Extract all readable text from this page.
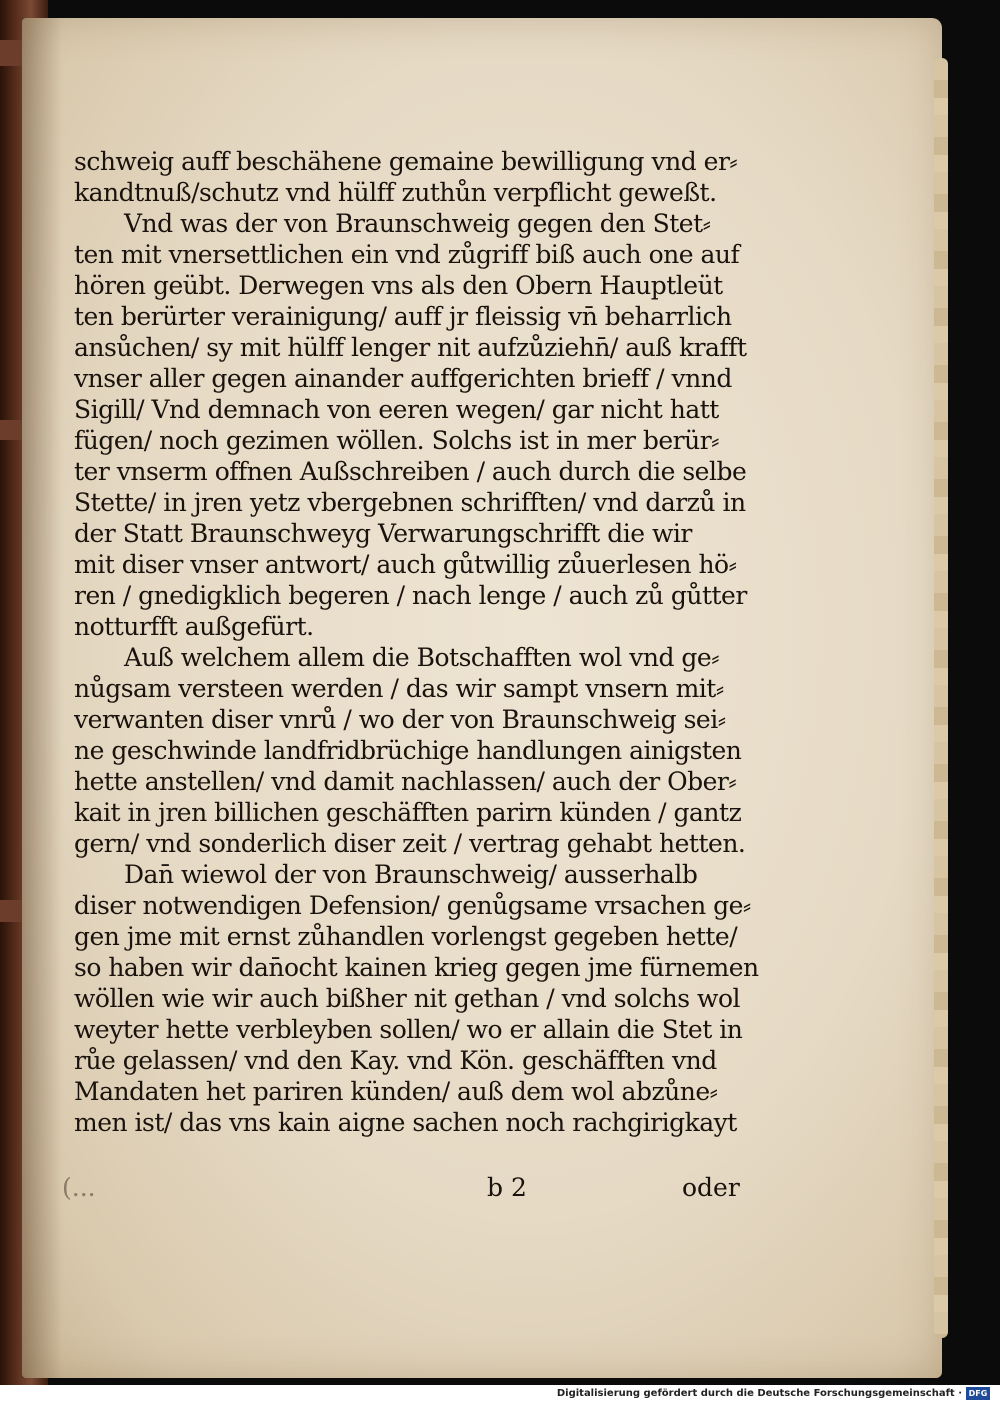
schweig auff beschähene gemaine bewilligung vnd er⸗
kandtnuß/schutz vnd hülff zuthůn verpflicht geweßt.
Vnd was der von Braunschweig gegen den Stet⸗
ten mit vnersettlichen ein vnd zůgriff biß auch one auf
hören geübt. Derwegen vns als den Obern Hauptleüt
ten berürter verainigung/ auff jr fleissig vn̄ beharrlich
ansůchen/ sy mit hülff lenger nit aufzůziehn̄/ auß krafft
vnser aller gegen ainander auffgerichten brieff / vnnd
Sigill/ Vnd demnach von eeren wegen/ gar nicht hatt
fügen/ noch gezimen wöllen. Solchs ist in mer berür⸗
ter vnserm offnen Außschreiben / auch durch die selbe
Stette/ in jren yetz vbergebnen schrifften/ vnd darzů in
der Statt Braunschweyg Verwarungschrifft die wir
mit diser vnser antwort/ auch gůtwillig zůuerlesen hö⸗
ren / gnedigklich begeren / nach lenge / auch zů gůtter
notturfft außgefürt.
Auß welchem allem die Botschafften wol vnd ge⸗
nůgsam versteen werden / das wir sampt vnsern mit⸗
verwanten diser vnrů / wo der von Braunschweig sei⸗
ne geschwinde landfridbrüchige handlungen ainigsten
hette anstellen/ vnd damit nachlassen/ auch der Ober⸗
kait in jren billichen geschäfften parirn künden / gantz
gern/ vnd sonderlich diser zeit / vertrag gehabt hetten.
Dan̄ wiewol der von Braunschweig/ ausserhalb
diser notwendigen Defension/ genůgsame vrsachen ge⸗
gen jme mit ernst zůhandlen vorlengst gegeben hette/
so haben wir dan̄ocht kainen krieg gegen jme fürnemen
wöllen wie wir auch bißher nit gethan / vnd solchs wol
weyter hette verbleyben sollen/ wo er allain die Stet in
růe gelassen/ vnd den Kay. vnd Kön. geschäfften vnd
Mandaten het pariren künden/ auß dem wol abzůne⸗
men ist/ das vns kain aigne sachen noch rachgirigkayt
(...	b 2	oder
Digitalisierung gefördert durch die Deutsche Forschungsgemeinschaft · DFG
